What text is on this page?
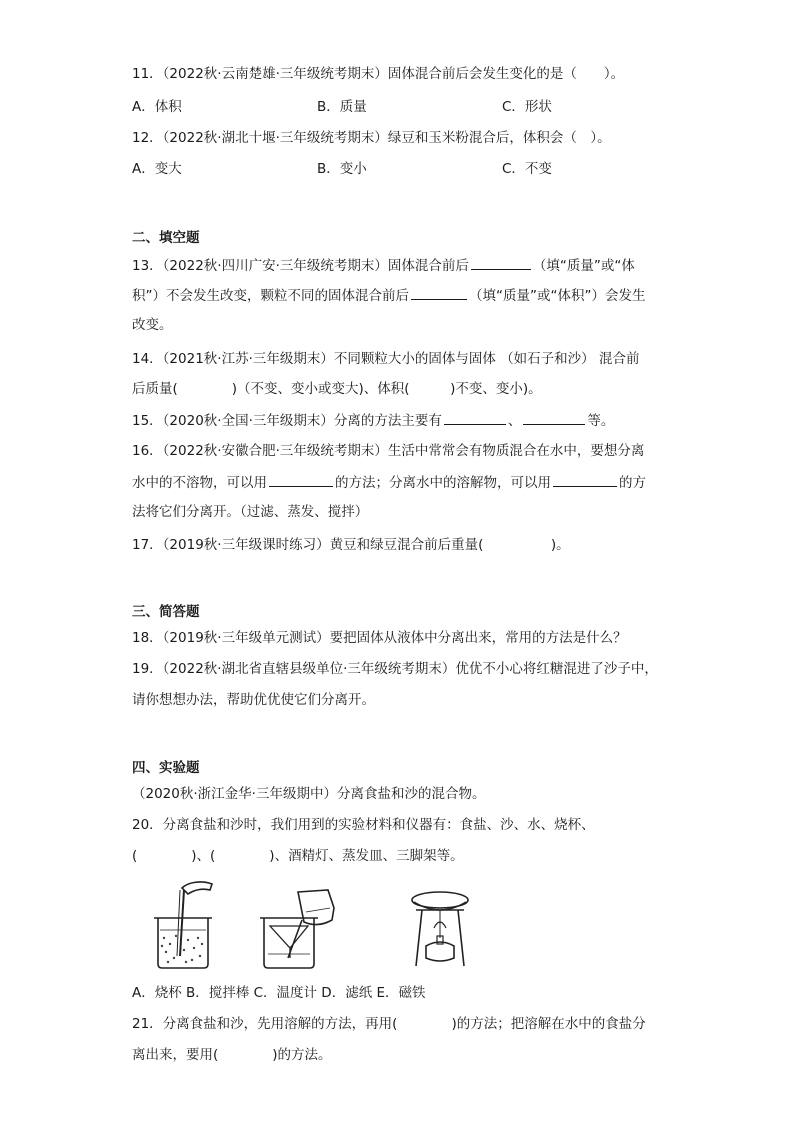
11．（2022秋·云南楚雄·三年级统考期末）固体混合前后会发生变化的是（　　）。
A．体积	B．质量	C．形状
12．（2022秋·湖北十堰·三年级统考期末）绿豆和玉米粉混合后，体积会（　）。
A．变大	B．变小	C．不变
二、填空题
13．（2022秋·四川广安·三年级统考期末）固体混合前后	（填“质量”或“体
积”）不会发生改变，颗粒不同的固体混合前后	（填“质量”或“体积”）会发生
改变。
14．（2021秋·江苏·三年级期末）不同颗粒大小的固体与固体 （如石子和沙） 混合前
后质量(　　　　)（不变、变小或变大)、体积(　　　)不变、变小)。
15．（2020秋·全国·三年级期末）分离的方法主要有	、	等。
16．（2022秋·安徽合肥·三年级统考期末）生活中常常会有物质混合在水中，要想分离
水中的不溶物，可以用	的方法；分离水中的溶解物，可以用	的方
法将它们分离开。（过滤、蒸发、搅拌）
17．（2019秋·三年级课时练习）黄豆和绿豆混合前后重量(　　　　　)。
三、简答题
18．（2019秋·三年级单元测试）要把固体从液体中分离出来，常用的方法是什么？
19．（2022秋·湖北省直辖县级单位·三年级统考期末）优优不小心将红糖混进了沙子中，
请你想想办法，帮助优优使它们分离开。
四、实验题
（2020秋·浙江金华·三年级期中）分离食盐和沙的混合物。
20．分离食盐和沙时，我们用到的实验材料和仪器有：食盐、沙、水、烧杯、
(　　　　)、(　　　　)、酒精灯、蒸发皿、三脚架等。
A．烧杯 B．搅拌棒 C．温度计 D．滤纸 E．磁铁
21．分离食盐和沙，先用溶解的方法，再用(　　　　)的方法；把溶解在水中的食盐分
离出来，要用(　　　　)的方法。
